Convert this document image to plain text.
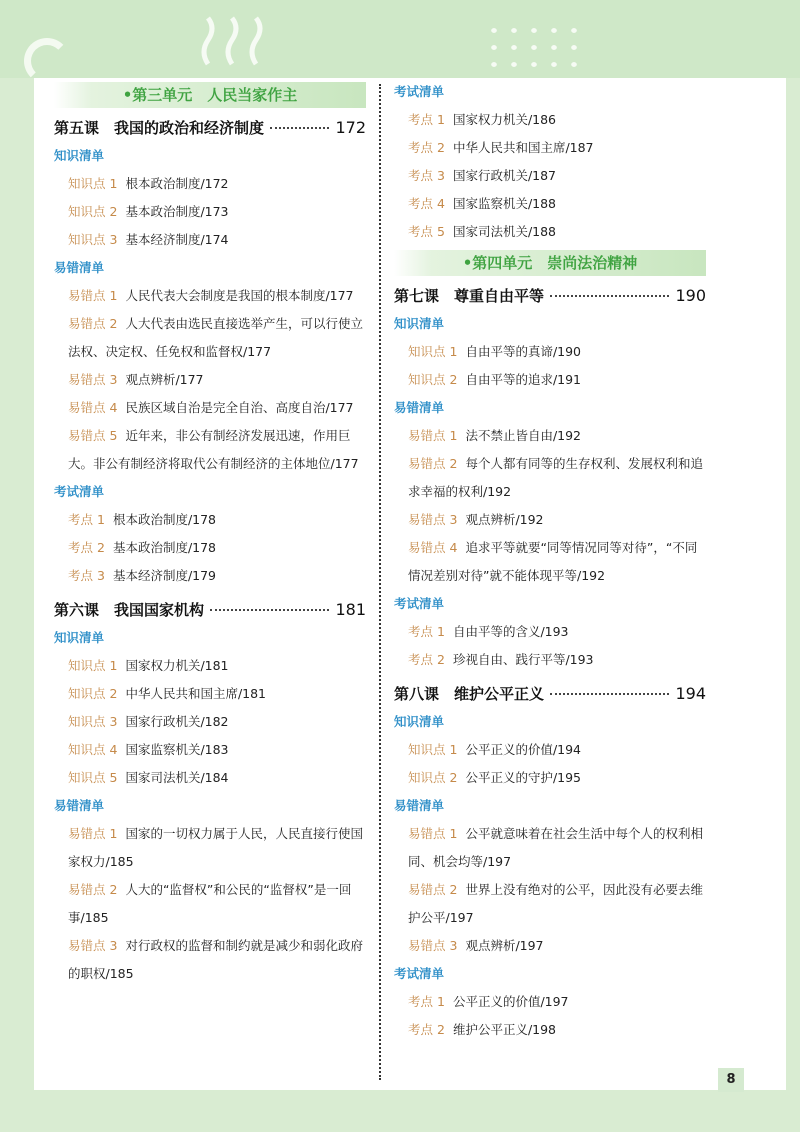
•第三单元　人民当家作主
第五课　我国的政治和经济制度	172
知识清单
知识点 1 根本政治制度/172
知识点 2 基本政治制度/173
知识点 3 基本经济制度/174
易错清单
易错点 1 人民代表大会制度是我国的根本制度/177
易错点 2 人大代表由选民直接选举产生，可以行使立法权、决定权、任免权和监督权/177
易错点 3 观点辨析/177
易错点 4 民族区域自治是完全自治、高度自治/177
易错点 5 近年来，非公有制经济发展迅速，作用巨大。非公有制经济将取代公有制经济的主体地位/177
考试清单
考点 1 根本政治制度/178
考点 2 基本政治制度/178
考点 3 基本经济制度/179
第六课　我国国家机构	181
知识清单
知识点 1 国家权力机关/181
知识点 2 中华人民共和国主席/181
知识点 3 国家行政机关/182
知识点 4 国家监察机关/183
知识点 5 国家司法机关/184
易错清单
易错点 1 国家的一切权力属于人民，人民直接行使国家权力/185
易错点 2 人大的“监督权”和公民的“监督权”是一回事/185
易错点 3 对行政权的监督和制约就是减少和弱化政府的职权/185
考试清单
考点 1 国家权力机关/186
考点 2 中华人民共和国主席/187
考点 3 国家行政机关/187
考点 4 国家监察机关/188
考点 5 国家司法机关/188
•第四单元　崇尚法治精神
第七课　尊重自由平等	190
知识清单
知识点 1 自由平等的真谛/190
知识点 2 自由平等的追求/191
易错清单
易错点 1 法不禁止皆自由/192
易错点 2 每个人都有同等的生存权利、发展权利和追求幸福的权利/192
易错点 3 观点辨析/192
易错点 4 追求平等就要“同等情况同等对待”，“不同情况差别对待”就不能体现平等/192
考试清单
考点 1 自由平等的含义/193
考点 2 珍视自由、践行平等/193
第八课　维护公平正义	194
知识清单
知识点 1 公平正义的价值/194
知识点 2 公平正义的守护/195
易错清单
易错点 1 公平就意味着在社会生活中每个人的权利相同、机会均等/197
易错点 2 世界上没有绝对的公平，因此没有必要去维护公平/197
易错点 3 观点辨析/197
考试清单
考点 1 公平正义的价值/197
考点 2 维护公平正义/198
8
